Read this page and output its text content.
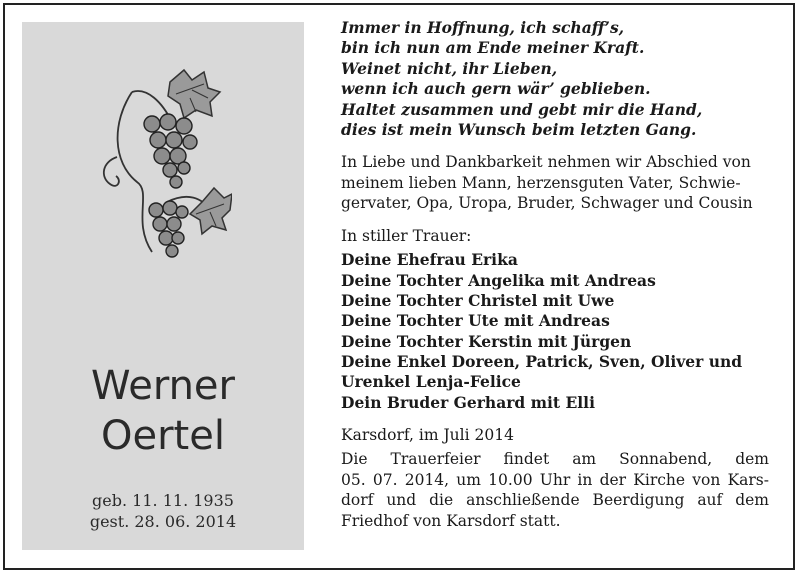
Werner
Oertel
geb. 11. 11. 1935
gest. 28. 06. 2014
Immer in Hoffnung, ich schaff’s,
bin ich nun am Ende meiner Kraft.
Weinet nicht, ihr Lieben,
wenn ich auch gern wär’ geblieben.
Haltet zusammen und gebt mir die Hand,
dies ist mein Wunsch beim letzten Gang.
In Liebe und Dankbarkeit nehmen wir Abschied von
meinem lieben Mann, herzensguten Vater, Schwie-
gervater, Opa, Uropa, Bruder, Schwager und Cousin
In stiller Trauer:
Deine Ehefrau Erika
Deine Tochter Angelika mit Andreas
Deine Tochter Christel mit Uwe
Deine Tochter Ute mit Andreas
Deine Tochter Kerstin mit Jürgen
Deine Enkel Doreen, Patrick, Sven, Oliver und
Urenkel Lenja-Felice
Dein Bruder Gerhard mit Elli
Karsdorf, im Juli 2014
Die Trauerfeier findet am Sonnabend, dem
05. 07. 2014, um 10.00 Uhr in der Kirche von Kars-
dorf und die anschließende Beerdigung auf dem
Friedhof von Karsdorf statt.
